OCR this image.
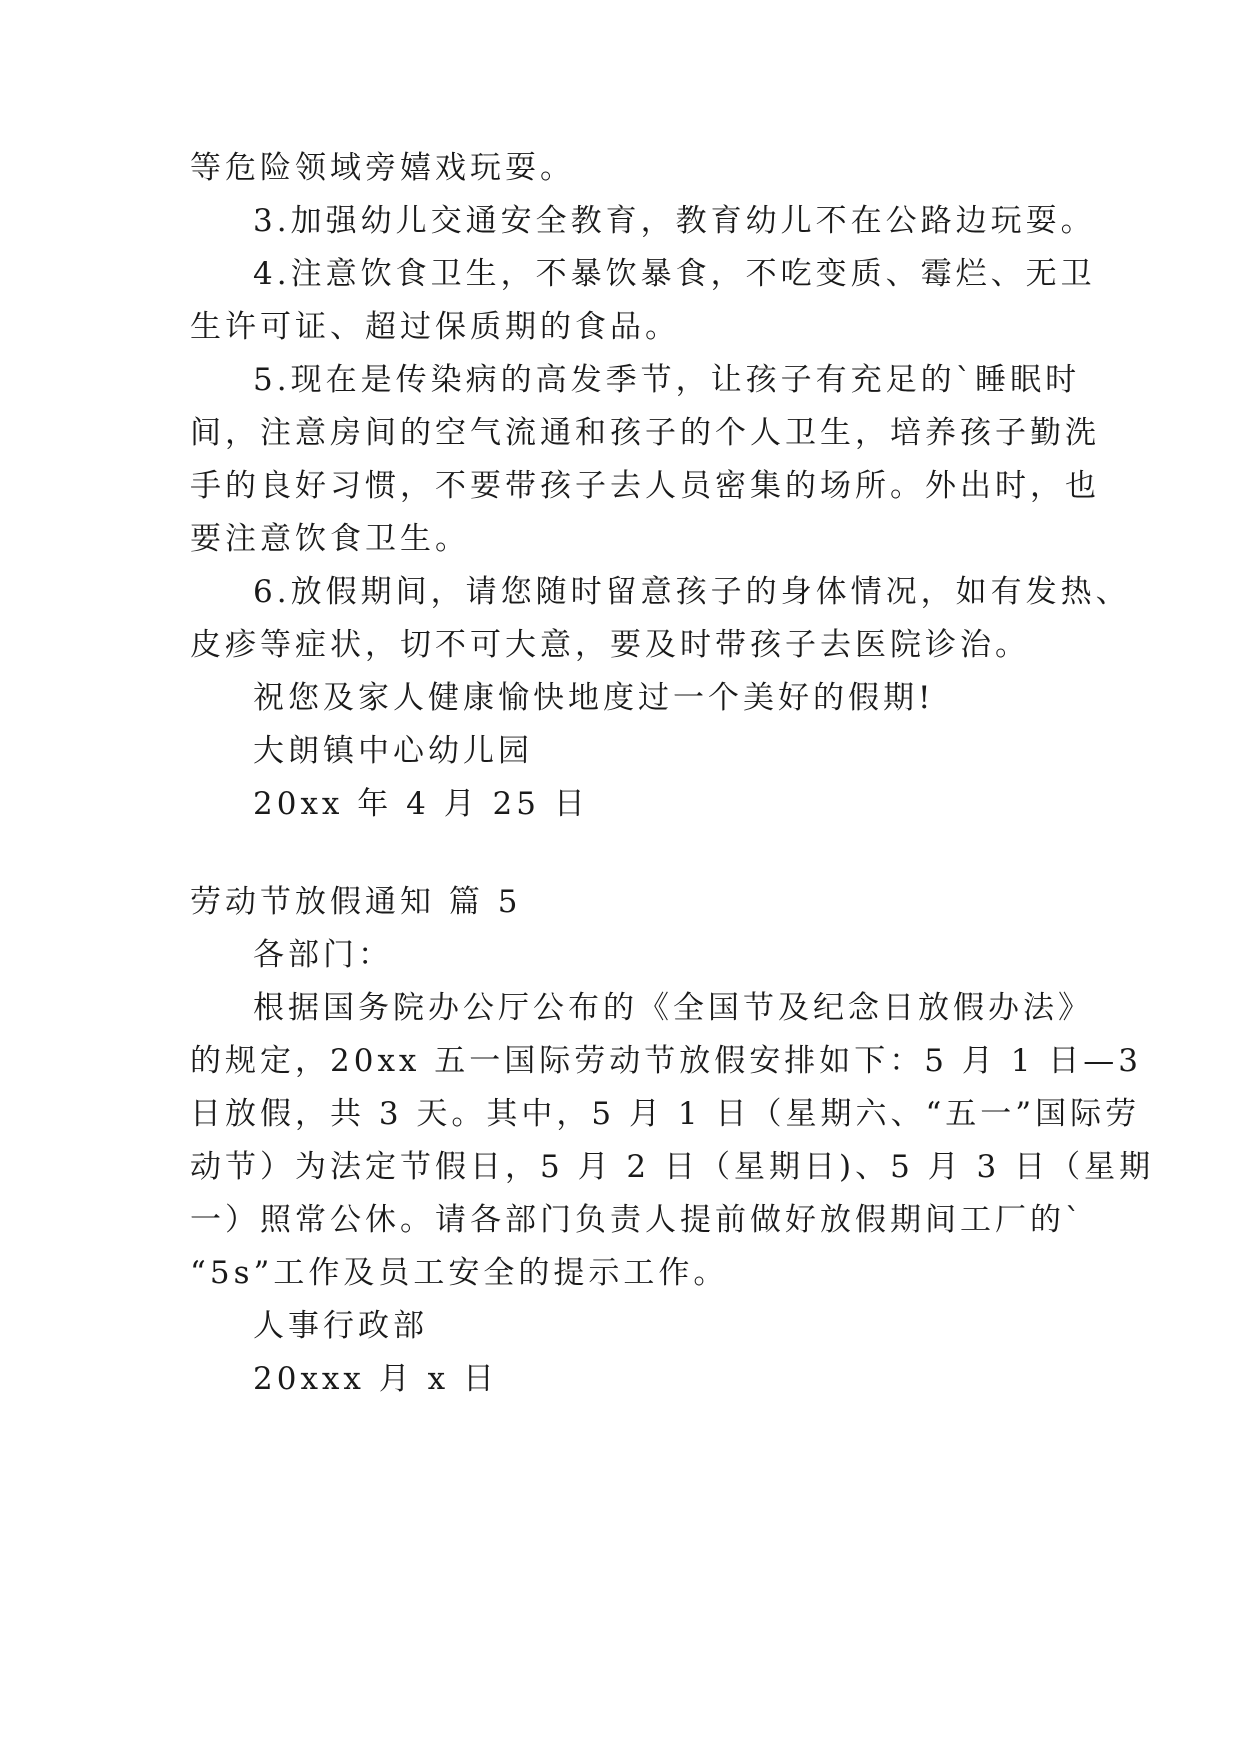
等危险领域旁嬉戏玩耍。
3.加强幼儿交通安全教育，教育幼儿不在公路边玩耍。
4.注意饮食卫生，不暴饮暴食，不吃变质、霉烂、无卫
生许可证、超过保质期的食品。
5.现在是传染病的高发季节，让孩子有充足的`睡眠时
间，注意房间的空气流通和孩子的个人卫生，培养孩子勤洗
手的良好习惯，不要带孩子去人员密集的场所。外出时，也
要注意饮食卫生。
6.放假期间，请您随时留意孩子的身体情况，如有发热、
皮疹等症状，切不可大意，要及时带孩子去医院诊治。
祝您及家人健康愉快地度过一个美好的假期!
大朗镇中心幼儿园
20xx 年 4 月 25 日
劳动节放假通知 篇 5
各部门：
根据国务院办公厅公布的《全国节及纪念日放假办法》
的规定，20xx 五一国际劳动节放假安排如下：5 月 1 日—3
日放假，共 3 天。其中，5 月 1 日（星期六、“五一”国际劳
动节）为法定节假日，5 月 2 日（星期日)、5 月 3 日（星期
一）照常公休。请各部门负责人提前做好放假期间工厂的`
“5s”工作及员工安全的提示工作。
人事行政部
20xxx 月 x 日
